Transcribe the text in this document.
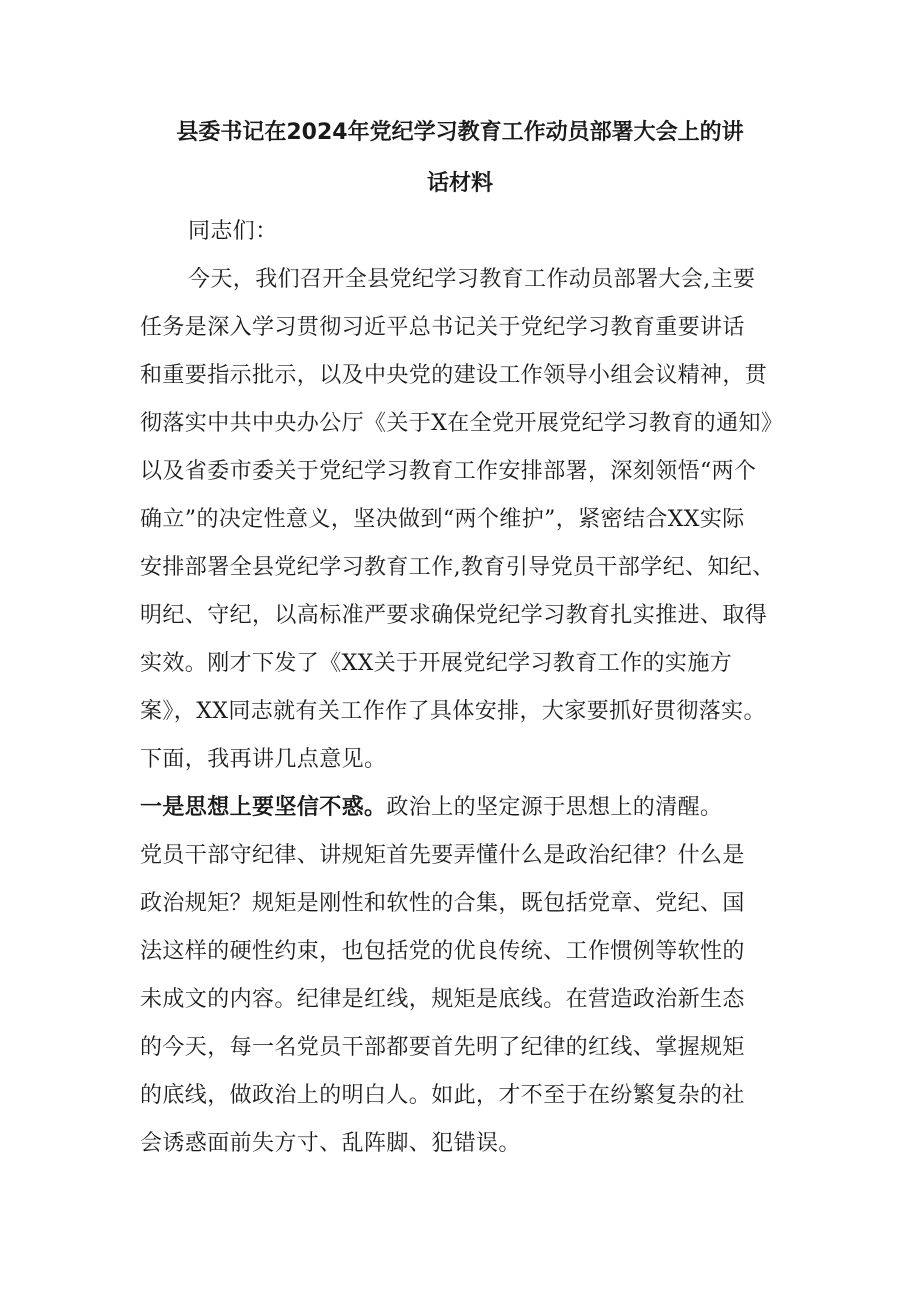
县委书记在2024年党纪学习教育工作动员部署大会上的讲
话材料

同志们：

今天，我们召开全县党纪学习教育工作动员部署大会,主要

任务是深入学习贯彻习近平总书记关于党纪学习教育重要讲话

和重要指示批示，以及中央党的建设工作领导小组会议精神，贯

彻落实中共中央办公厅《关于X在全党开展党纪学习教育的通知》

以及省委市委关于党纪学习教育工作安排部署，深刻领悟“两个

确立”的决定性意义，坚决做到“两个维护”，紧密结合XX实际

安排部署全县党纪学习教育工作,教育引导党员干部学纪、知纪、

明纪、守纪，以高标准严要求确保党纪学习教育扎实推进、取得

实效。刚才下发了《XX关于开展党纪学习教育工作的实施方

案》，XX同志就有关工作作了具体安排，大家要抓好贯彻落实。

下面，我再讲几点意见。

一是思想上要坚信不惑。政治上的坚定源于思想上的清醒。

党员干部守纪律、讲规矩首先要弄懂什么是政治纪律？什么是

政治规矩？规矩是刚性和软性的合集，既包括党章、党纪、国

法这样的硬性约束，也包括党的优良传统、工作惯例等软性的

未成文的内容。纪律是红线，规矩是底线。在营造政治新生态

的今天，每一名党员干部都要首先明了纪律的红线、掌握规矩

的底线，做政治上的明白人。如此，才不至于在纷繁复杂的社

会诱惑面前失方寸、乱阵脚、犯错误。
